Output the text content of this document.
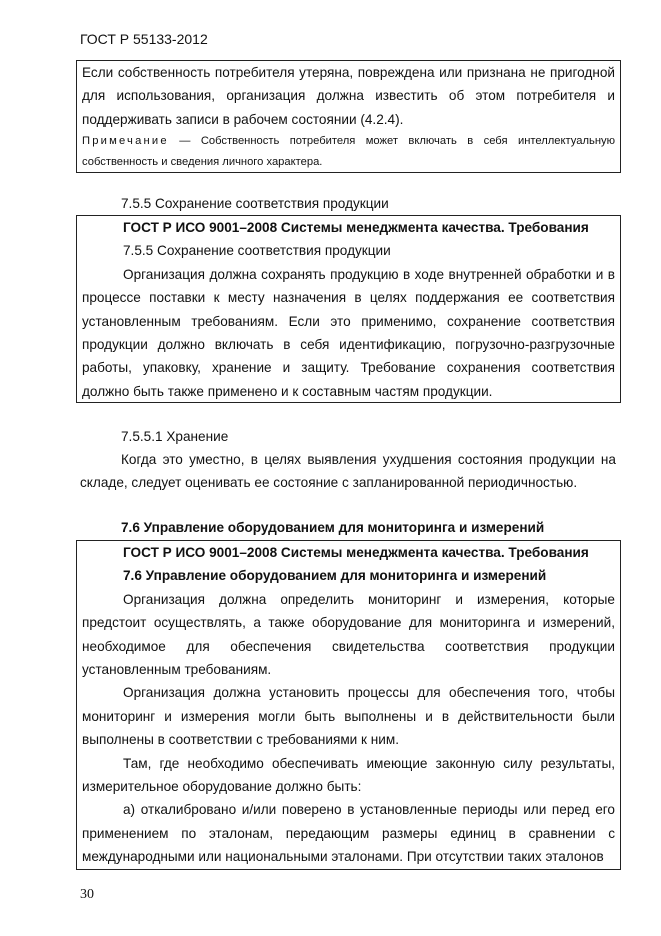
ГОСТ Р 55133-2012

Если собственность потребителя утеряна, повреждена или признана не пригодной для использования, организация должна известить об этом потребителя и поддерживать записи в рабочем состоянии (4.2.4).

Примечание — Собственность потребителя может включать в себя интеллектуальную собственность и сведения личного характера.

7.5.5 Сохранение соответствия продукции

ГОСТ Р ИСО 9001–2008 Системы менеджмента качества. Требования

7.5.5 Сохранение соответствия продукции

Организация должна сохранять продукцию в ходе внутренней обработки и в процессе поставки к месту назначения в целях поддержания ее соответствия установленным требованиям. Если это применимо, сохранение соответствия продукции должно включать в себя идентификацию, погрузочно-разгрузочные работы, упаковку, хранение и защиту. Требование сохранения соответствия должно быть также применено и к составным частям продукции.

7.5.5.1 Хранение

Когда это уместно, в целях выявления ухудшения состояния продукции на складе, следует оценивать ее состояние с запланированной периодичностью.

7.6 Управление оборудованием для мониторинга и измерений

ГОСТ Р ИСО 9001–2008 Системы менеджмента качества. Требования

7.6 Управление оборудованием для мониторинга и измерений

Организация должна определить мониторинг и измерения, которые предстоит осуществлять, а также оборудование для мониторинга и измерений, необходимое для обеспечения свидетельства соответствия продукции установленным требованиям.

Организация должна установить процессы для обеспечения того, чтобы мониторинг и измерения могли быть выполнены и в действительности были выполнены в соответствии с требованиями к ним.

Там, где необходимо обеспечивать имеющие законную силу результаты, измерительное оборудование должно быть:

а) откалибровано и/или поверено в установленные периоды или перед его применением по эталонам, передающим размеры единиц в сравнении с международными или национальными эталонами. При отсутствии таких эталонов

30
